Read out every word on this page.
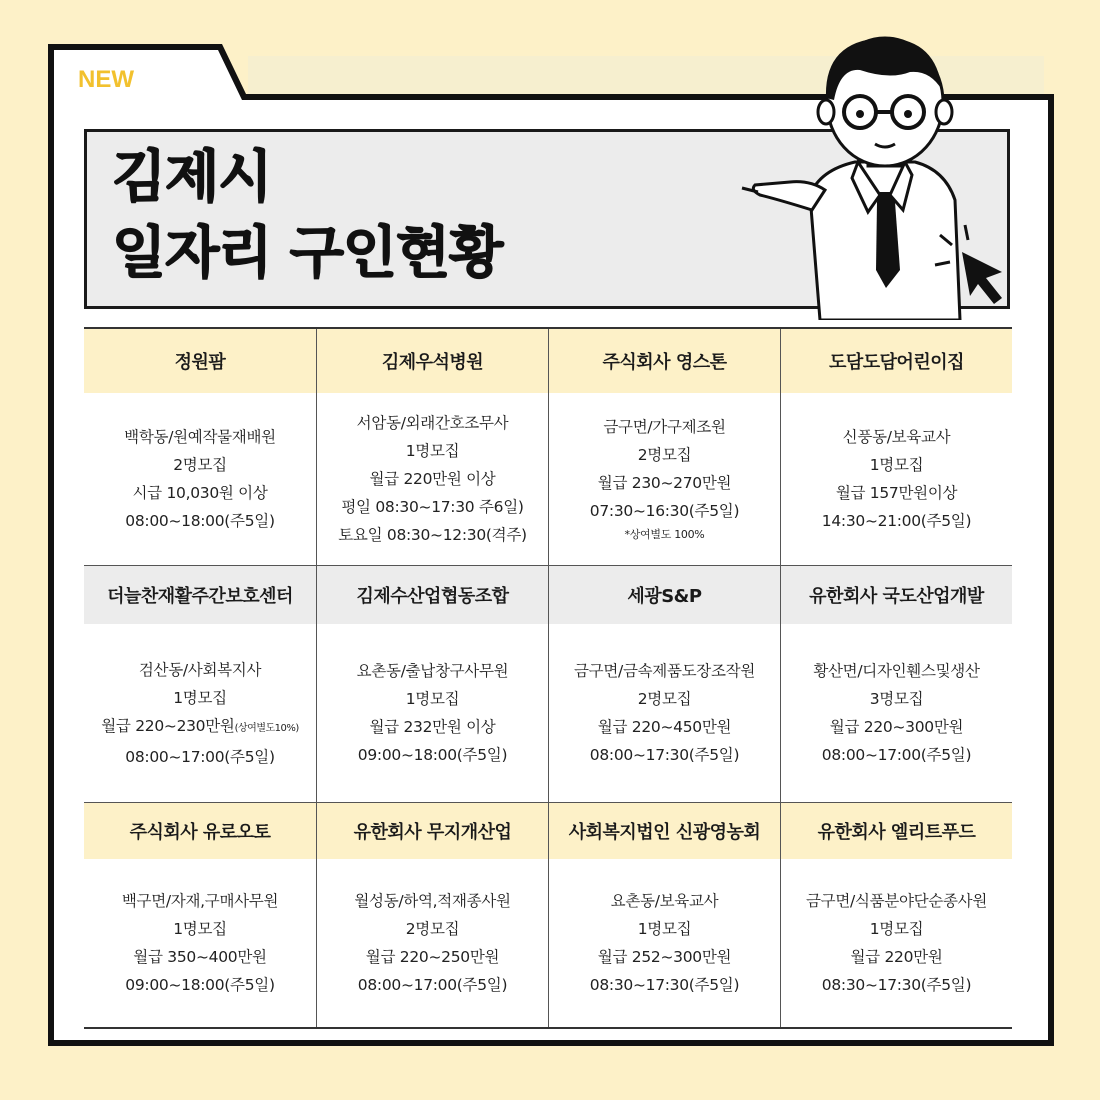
NEW
김제시
일자리 구인현황
정원팜
백학동/원예작물재배원
2명모집
시급 10,030원 이상
08:00~18:00(주5일)
김제우석병원
서암동/외래간호조무사
1명모집
월급 220만원 이상
평일 08:30~17:30 주6일)
토요일 08:30~12:30(격주)
주식회사 영스톤
금구면/가구제조원
2명모집
월급 230~270만원
07:30~16:30(주5일)
*상여별도 100%
도담도담어린이집
신풍동/보육교사
1명모집
월급 157만원이상
14:30~21:00(주5일)
더늘찬재활주간보호센터
검산동/사회복지사
1명모집
월급 220~230만원(상여별도10%)
08:00~17:00(주5일)
김제수산업협동조합
요촌동/출납창구사무원
1명모집
월급 232만원 이상
09:00~18:00(주5일)
세광S&P
금구면/금속제품도장조작원
2명모집
월급 220~450만원
08:00~17:30(주5일)
유한회사 국도산업개발
황산면/디자인휀스및생산
3명모집
월급 220~300만원
08:00~17:00(주5일)
주식회사 유로오토
백구면/자재,구매사무원
1명모집
월급 350~400만원
09:00~18:00(주5일)
유한회사 무지개산업
월성동/하역,적재종사원
2명모집
월급 220~250만원
08:00~17:00(주5일)
사회복지법인 신광영농회
요촌동/보육교사
1명모집
월급 252~300만원
08:30~17:30(주5일)
유한회사 엘리트푸드
금구면/식품분야단순종사원
1명모집
월급 220만원
08:30~17:30(주5일)
